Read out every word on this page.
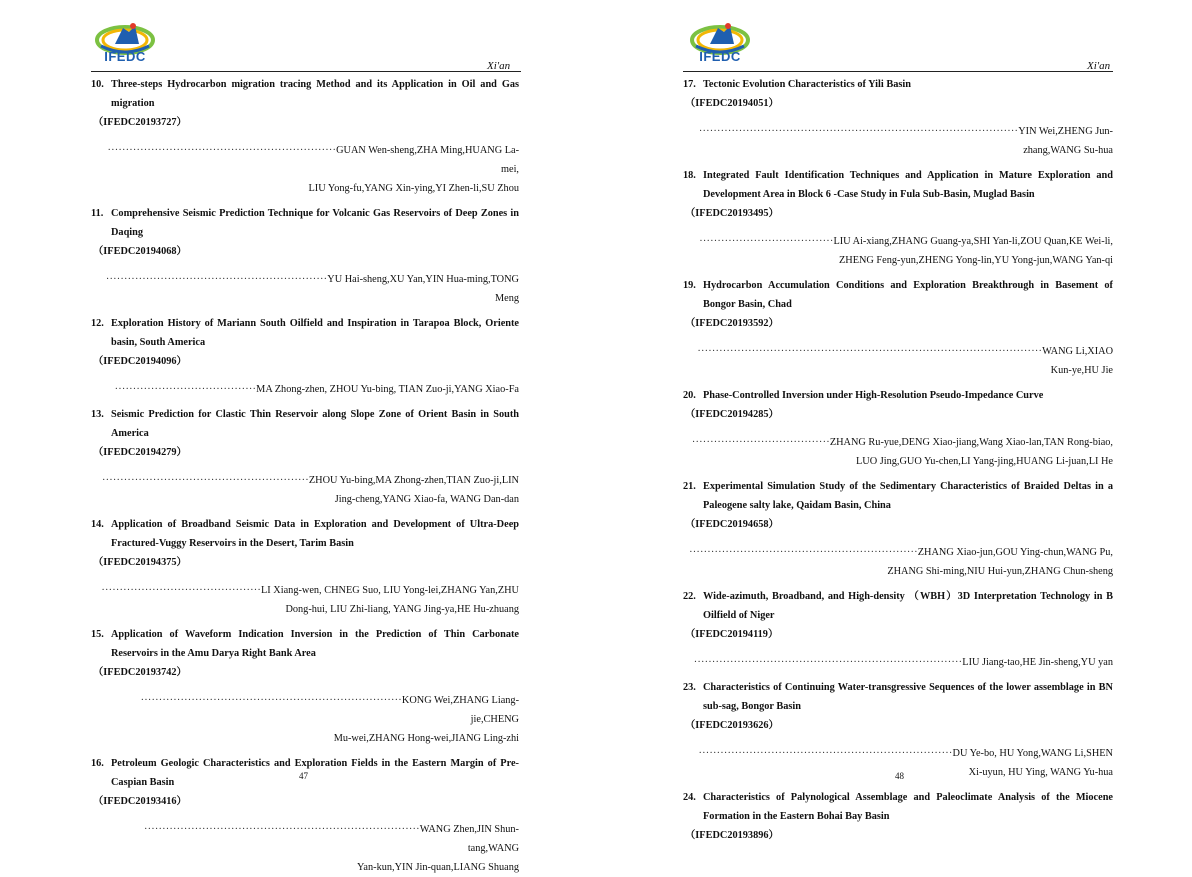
IFEDC
Xi'an
10. Three-steps Hydrocarbon migration tracing Method and its Application in Oil and Gas migration
（IFEDC20193727）
·······························································GUAN Wen-sheng,ZHA Ming,HUANG La-mei,
LIU Yong-fu,YANG Xin-ying,YI Zhen-li,SU Zhou
11. Comprehensive Seismic Prediction Technique for Volcanic Gas Reservoirs of Deep Zones in Daqing
（IFEDC20194068）
·····························································YU Hai-sheng,XU Yan,YIN Hua-ming,TONG Meng
12. Exploration History of Mariann South Oilfield and Inspiration in Tarapoa Block, Oriente basin, South America
（IFEDC20194096）
·······································MA Zhong-zhen, ZHOU Yu-bing, TIAN Zuo-ji,YANG Xiao-Fa
13. Seismic Prediction for Clastic Thin Reservoir along Slope Zone of Orient Basin in South America
（IFEDC20194279）
·························································ZHOU Yu-bing,MA Zhong-zhen,TIAN Zuo-ji,LIN
Jing-cheng,YANG Xiao-fa, WANG Dan-dan
14. Application of Broadband Seismic Data in Exploration and Development of Ultra-Deep Fractured-Vuggy Reservoirs in the Desert, Tarim Basin
（IFEDC20194375）
············································LI Xiang-wen, CHNEG Suo, LIU Yong-lei,ZHANG Yan,ZHU
Dong-hui, LIU Zhi-liang, YANG Jing-ya,HE Hu-zhuang
15. Application of Waveform Indication Inversion in the Prediction of Thin Carbonate Reservoirs in the Amu Darya Right Bank Area
（IFEDC20193742）
········································································KONG Wei,ZHANG Liang-jie,CHENG
Mu-wei,ZHANG Hong-wei,JIANG Ling-zhi
16. Petroleum Geologic Characteristics and Exploration Fields in the Eastern Margin of Pre-Caspian Basin
（IFEDC20193416）
············································································WANG Zhen,JIN Shun-tang,WANG
Yan-kun,YIN Jin-quan,LIANG Shuang
47
IFEDC
Xi'an
17. Tectonic Evolution Characteristics of Yili Basin
（IFEDC20194051）
························································································YIN Wei,ZHENG Jun-zhang,WANG Su-hua
18. Integrated Fault Identification Techniques and Application in Mature Exploration and Development Area in Block 6 -Case Study in Fula Sub-Basin, Muglad Basin
（IFEDC20193495）
·····································LIU Ai-xiang,ZHANG Guang-ya,SHI Yan-li,ZOU Quan,KE Wei-li,
ZHENG Feng-yun,ZHENG Yong-lin,YU Yong-jun,WANG Yan-qi
19. Hydrocarbon Accumulation Conditions and Exploration Breakthrough in Basement of Bongor Basin, Chad
（IFEDC20193592）
·······························································································WANG Li,XIAO Kun-ye,HU Jie
20. Phase-Controlled Inversion under High-Resolution Pseudo-Impedance Curve
（IFEDC20194285）
······································ZHANG Ru-yue,DENG Xiao-jiang,Wang Xiao-lan,TAN Rong-biao,
LUO Jing,GUO Yu-chen,LI Yang-jing,HUANG Li-juan,LI He
21. Experimental Simulation Study of the Sedimentary Characteristics of Braided Deltas in a Paleogene salty lake, Qaidam Basin, China
（IFEDC20194658）
·······························································ZHANG Xiao-jun,GOU Ying-chun,WANG Pu,
ZHANG Shi-ming,NIU Hui-yun,ZHANG Chun-sheng
22. Wide-azimuth, Broadband, and High-density （WBH）3D Interpretation Technology in B Oilfield of Niger
（IFEDC20194119）
··········································································LIU Jiang-tao,HE Jin-sheng,YU yan
23. Characteristics of Continuing Water-transgressive Sequences of the lower assemblage in BN sub-sag, Bongor Basin
（IFEDC20193626）
······································································DU Ye-bo, HU Yong,WANG Li,SHEN
Xi-uyun, HU Ying, WANG Yu-hua
24. Characteristics of Palynological Assemblage and Paleoclimate Analysis of the Miocene Formation in the Eastern Bohai Bay Basin
（IFEDC20193896）
48
